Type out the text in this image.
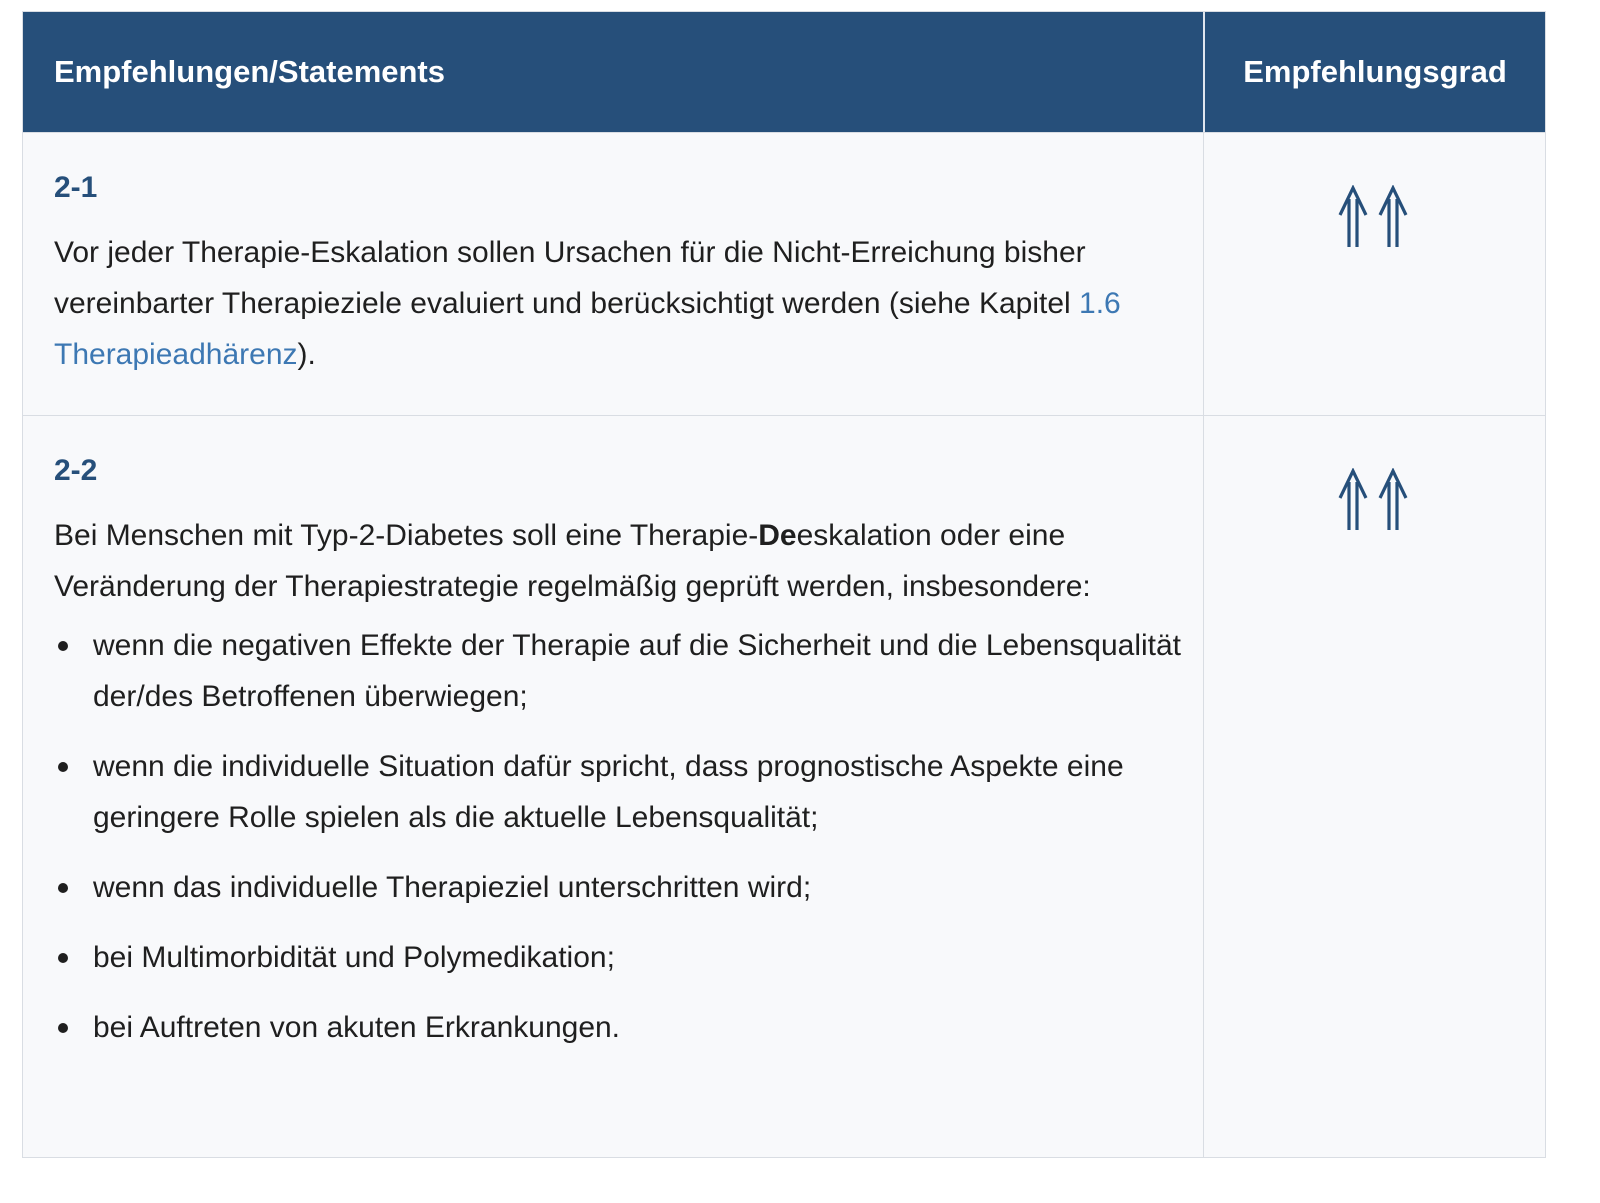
Empfehlungen/Statements	Empfehlungsgrad
2-1

Vor jeder Therapie-Eskalation sollen Ursachen für die Nicht-Erreichung bisher vereinbarter Therapieziele evaluiert und berücksichtigt werden (siehe Kapitel 1.6 Therapieadhärenz).

2-2

Bei Menschen mit Typ-2-Diabetes soll eine Therapie-Deeskalation oder eine Veränderung der Therapiestrategie regelmäßig geprüft werden, insbesondere:

wenn die negativen Effekte der Therapie auf die Sicherheit und die Lebensqualität der/des Betroffenen überwiegen;
wenn die individuelle Situation dafür spricht, dass prognostische Aspekte eine geringere Rolle spielen als die aktuelle Lebensqualität;
wenn das individuelle Therapieziel unterschritten wird;
bei Multimorbidität und Polymedikation;
bei Auftreten von akuten Erkrankungen.
